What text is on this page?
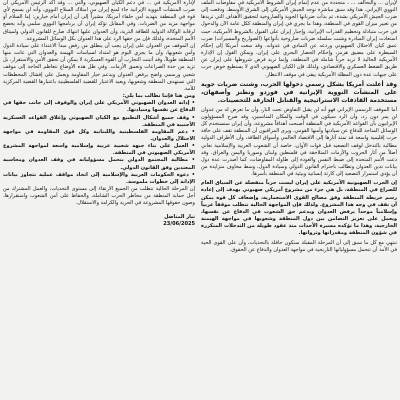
لإيران ... والتحالف ... ، متجددة من عدم إتمام إيران الشروط الأمريكية في مفاوضات الملف النووي الإيراني. هذا وقد سبق مباشرة توجه الجيش الأمريكي إلى الشرق الأوسط، ودفعت إلى ضرب الجيش الأمريكي بشدة، ثم بدأت ضرباتها الجوية والصاروخية لتحقيق الأهداف التي تريدها من تغيير ميزان القوى في المنطقة، وهذا ما يجري في إيران والمنطقة ككل عامة الآن والدخول في حرب متبادلة وتحطيم القدرات الإيرانية، وإجبار إيران على القبول بالشروط الأمريكية، حيث استعادت إيران المبادرة وشنت سلسلة ضربات صاروخية بأنواعها (الصواريخ والمسيرات) ضرب عمق كيان الاحتلال الصهيوني وردعه عن التمادي في عدوانه. وقد سعت أمريكا إلى إحكام السيطرة على مضيق هرمز، وإحكام الحصار البحري على إيران، ويمكن القول إن الإدارة الأمريكية الحالية لا تريد حرباً شاملة في المنطقة، وإنما تريد فرض شروطها على إيران عن طريق الضغط العسكري والاقتصادي، ولذلك فإن الكيان الصهيوني الذي لا يستطيع خوض حرب على جبهات عدة دون المظلة الأمريكية يبقى في موقف الانتظار.

وقد أعلنت أمريكا بشكل رسمي دخولها الحرب، وشنت ضربات جوية على المنشآت النووية الإيرانية في فوردو ونطنز وأصفهان، مستخدمة القاذفات الاستراتيجية والقنابل الخارقة للتحصينات.

أما الموقف الرسمي الإيراني فهو أنه لن يقبل التفاوض تحت النار، وأن ما تعرض له من عدوان لن يمر دون رد، وأن الرد سيكون في الوقت والمكان المناسبين، وقد صرح المسؤولون الإيرانيون بأن القواعد الأمريكية في المنطقة أصبحت أهدافاً مشروعة، وأن إيران ستستخدم كل الوسائل المتاحة للدفاع عن سيادتها وأمنها القومي. ويرى المراقبون أن المنطقة تقف على حافة حرب إقليمية واسعة قد تمتد آثارها إلى الاقتصاد العالمي وأسواق الطاقة، وأن الأطراف الدولية مطالبة بالتدخل لوقف التصعيد قبل فوات الأوان، خاصة أن الشعوب العربية والإسلامية تعاني أصلاً من آثار الحروب والأزمات المتلاحقة في فلسطين ولبنان وسوريا واليمن والعراق. وقد دعت الأمم المتحدة إلى ضبط النفس والعودة إلى طاولة المفاوضات، كما أصدرت عدة دول بيانات تدين العدوان وتطالب باحترام القانون الدولي وسيادة الدول، وسط مخاوف متزايدة من أن يؤدي استمرار التصعيد إلى كارثة إنسانية وبيئية في المنطقة بأسرها.

إن الحرب الصهيونية الأمريكية على إيران ليست حرباً منفصلة عن السياق العام للصراع في المنطقة، بل هي جزء من مشروع أمريكي صهيوني يهدف إلى إعادة رسم خريطة المنطقة وفق مصالح القوى الاستعمارية، وإضعاف كل قوة يمكن أن تقف في وجه هذا المشروع. ولذلك فإن المواجهة الحالية تتطلب موقفاً عربياً وإسلامياً موحداً يرفض العدوان ويدعم حق الشعوب في الدفاع عن نفسها، ويعمل على تعزيز التضامن بين دول المنطقة وشعوبها في مواجهة الهيمنة الخارجية، وهذا ما تؤكده مسيرة الأحداث منذ عقود طويلة من التدخلات المتكررة في شؤون المنطقة ومقدراتها وثرواتها.

ننتهي مع كل ما سبق إلى أن المرحلة المقبلة ستكون حافلة بالتحديات، وأن على القوى الحية في الأمة أن تتحمل مسؤولياتها التاريخية في مواجهة العدوان والدفاع عن الحقوق.

لإدارة الأمريكية في ... في دعم الكيان الصهيوني، والتي ... وقد أكد الرئيس الأمريكي أن ضرب المنشآت النووية الإيرانية جاء لمنع إيران من امتلاك السلاح النووي، وأنه لن يسمح لأي قوة في المنطقة بتهديد أمن حلفاء أمريكا، مشيراً إلى أن إيران أمام خيارين: إما السلام أو مواجهة مزيد من الضربات. وفي المقابل تؤكد إيران أن برنامجها النووي سلمي وأنه يخضع لرقابة الوكالة الدولية للطاقة الذرية، وأن العدوان عليها انتهاك صارخ للقانون الدولي ولميثاق الأمم المتحدة، ولذلك فإن من حقها الرد على هذا العدوان بكل الوسائل المشروعة.

إن الموقف من العدوان على إيران يجب أن ينطلق من رفض مبدأ الاعتداء على سيادة الدول وأمن شعوبها، وأن ما يجري اليوم هو امتداد لسياسات الهيمنة والعدوان التي عانت منها المنطقة طويلاً، وقد أثبتت التجارب أن القوة العسكرية لا يمكن أن تحقق الأمن والاستقرار، بل تزيد من حدة الصراعات وتعمق الأزمات. وفي ظل هذه الأوضاع تتعاظم الحاجة إلى موقف شعبي ورسمي واضح يرفض العدوان ويدعم خيار المقاومة ويعمل على إفشال المخططات التي تستهدف المنطقة وشعوبها، ويعيد الاعتبار للقضية الفلسطينية باعتبارها القضية المركزية للأمة.

ومن هنا فإننا نطالب بما يلي:

• إدانة العدوان الصهيوني الأمريكي على إيران والوقوف إلى جانب حقها في الدفاع عن نفسها وسيادتها.

• وقف جميع أشكال التطبيع مع الكيان الصهيوني وإغلاق القواعد العسكرية الأجنبية في المنطقة.

• دعم المقاومة الفلسطينية واللبنانية وكل قوى المقاومة في مواجهة الاحتلال والعدوان.

• العمل على بناء جبهة شعبية عربية وإسلامية واسعة لمواجهة المشروع الأمريكي الصهيوني في المنطقة.

• مطالبة المجتمع الدولي بتحمل مسؤولياته في وقف العدوان ومحاسبة المعتدين وفق القانون الدولي.

• دعوة الحكومات العربية والإسلامية إلى اتخاذ مواقف عملية تتجاوز بيانات الإدانة إلى خطوات ملموسة.

إن المرحلة الحالية تتطلب من الجميع الارتقاء إلى مستوى التحديات، والعمل المشترك من أجل حماية المنطقة من مخاطر الحرب الشاملة، والحفاظ على أمن الشعوب واستقرارها، وصون حقوقها المشروعة في الحرية والكرامة والاستقلال.

تيار المناضل

23/06/2025
